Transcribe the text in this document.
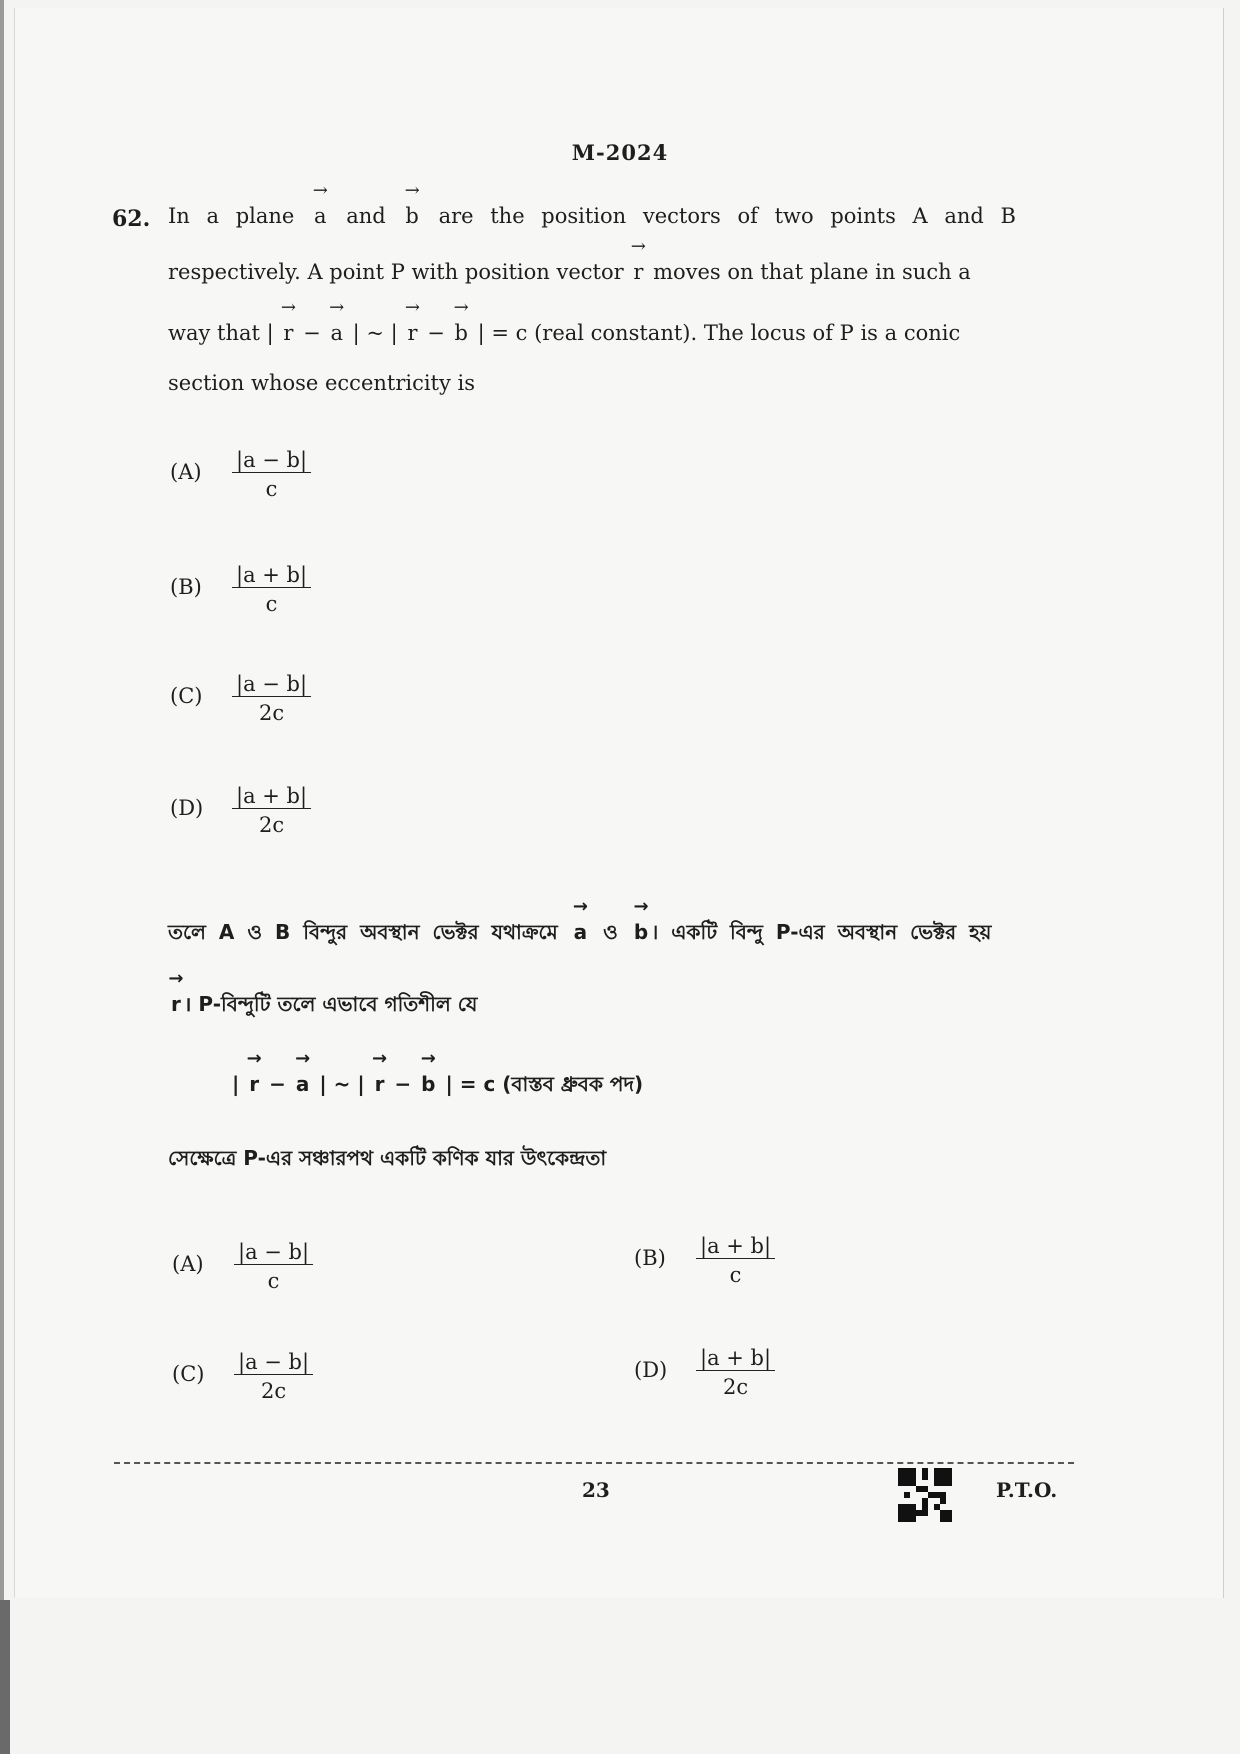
M-2024
62. In a plane → a and → b are the position vectors of two points A and B
respectively. A point P with position vector → r moves on that plane in such a
way that | → r − → a | ~ | → r − → b | = c (real constant). The locus of P is a conic
section whose eccentricity is
$(A) \frac{|a - b|}{c}$
$(B) \frac{|a + b|}{c}$
$(C) \frac{|a - b|}{2c}$
$(D) \frac{|a + b|}{2c}$
তলে A ও B বিন্দুর অবস্থান ভেক্টর যথাক্রমে → a ও → b । একটি বিন্দু P-এর অবস্থান ভেক্টর হয়
→ r । P-বিন্দুটি তলে এভাবে গতিশীল যে
| → r − → a | ~ | → r − → b | = c (বাস্তব ধ্রুবক পদ)
সেক্ষেত্রে P-এর সঞ্চারপথ একটি কণিক যার উৎকেন্দ্রতা
$(A) \frac{|a - b|}{c}$	$(B) \frac{|a + b|}{c}$
$(C) \frac{|a - b|}{2c}$	$(D) \frac{|a + b|}{2c}$
23	P.T.O.
